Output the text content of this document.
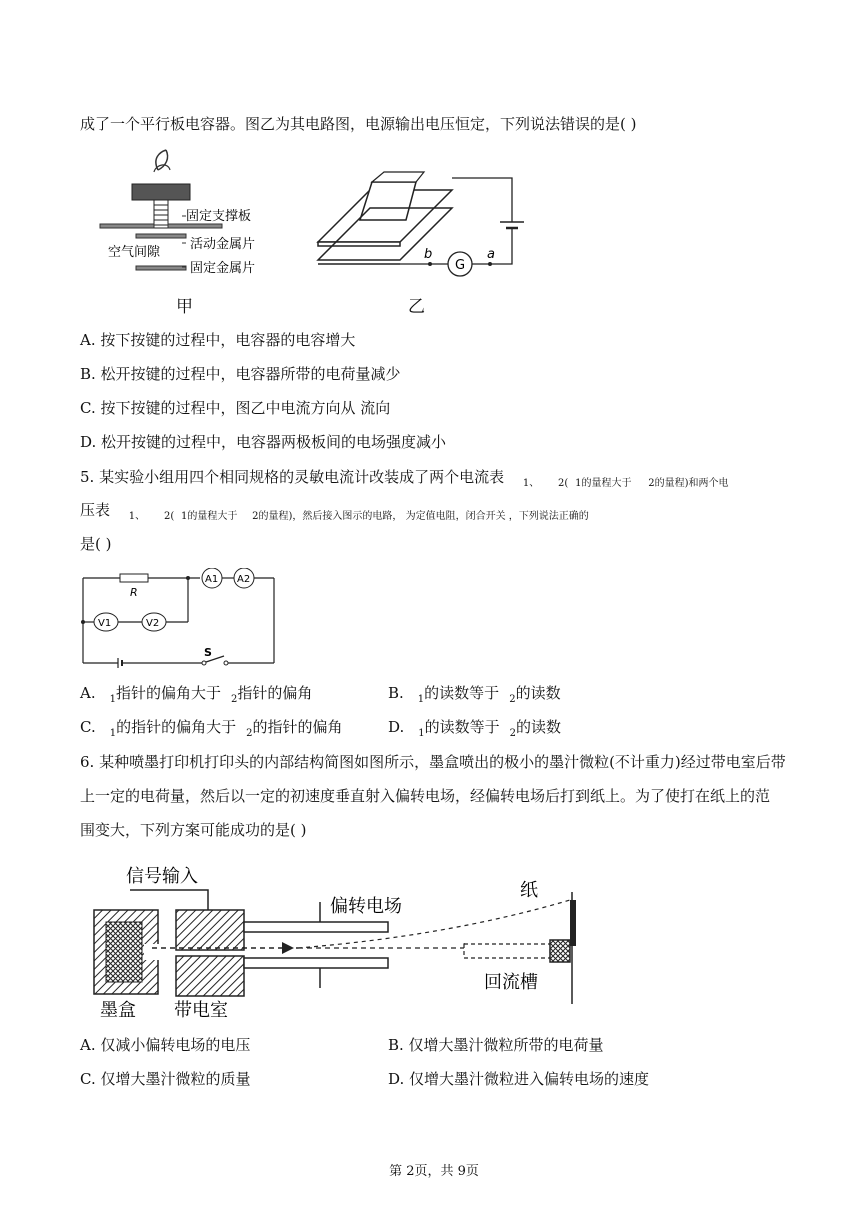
成了一个平行板电容器。图乙为其电路图，电源输出电压恒定，下列说法错误的是( )
固定支撑板
空气间隙
活动金属片
固定金属片
甲
b
G
a
乙
A. 按下按键的过程中，电容器的电容增大
B. 松开按键的过程中，电容器所带的电荷量减少
C. 按下按键的过程中，图乙中电流方向从 流向
D. 松开按键的过程中，电容器两极板间的电场强度减小
5. 某实验小组用四个相同规格的灵敏电流计改装成了两个电流表 $_{1、}$ $_{2(}$ $_{1的量程大于}$ $_{2的量程)和两个电}$
压表 $_{1、}$ $_{2(}$ $_{1的量程大于}$ $_{2的量程),然后接入图示的电路, 为定值电阻,闭合开关 ,下列说法正确的}$
是( )
R
A1 A2
V1	V2
S
A. $_1$指针的偏角大于 $_2$指针的偏角	B. $_1$的读数等于 $_2$的读数
C. $_1$的指针的偏角大于 $_2$的指针的偏角	D. $_1$的读数等于 $_2$的读数
6. 某种喷墨打印机打印头的内部结构简图如图所示，墨盒喷出的极小的墨汁微粒(不计重力)经过带电室后带
上一定的电荷量，然后以一定的初速度垂直射入偏转电场，经偏转电场后打到纸上。为了使打在纸上的范
围变大，下列方案可能成功的是( )
信号输入
偏转电场
回流槽
纸
墨盒 带电室
A. 仅减小偏转电场的电压	B. 仅增大墨汁微粒所带的电荷量
C. 仅增大墨汁微粒的质量	D. 仅增大墨汁微粒进入偏转电场的速度
第 2页，共 9页
